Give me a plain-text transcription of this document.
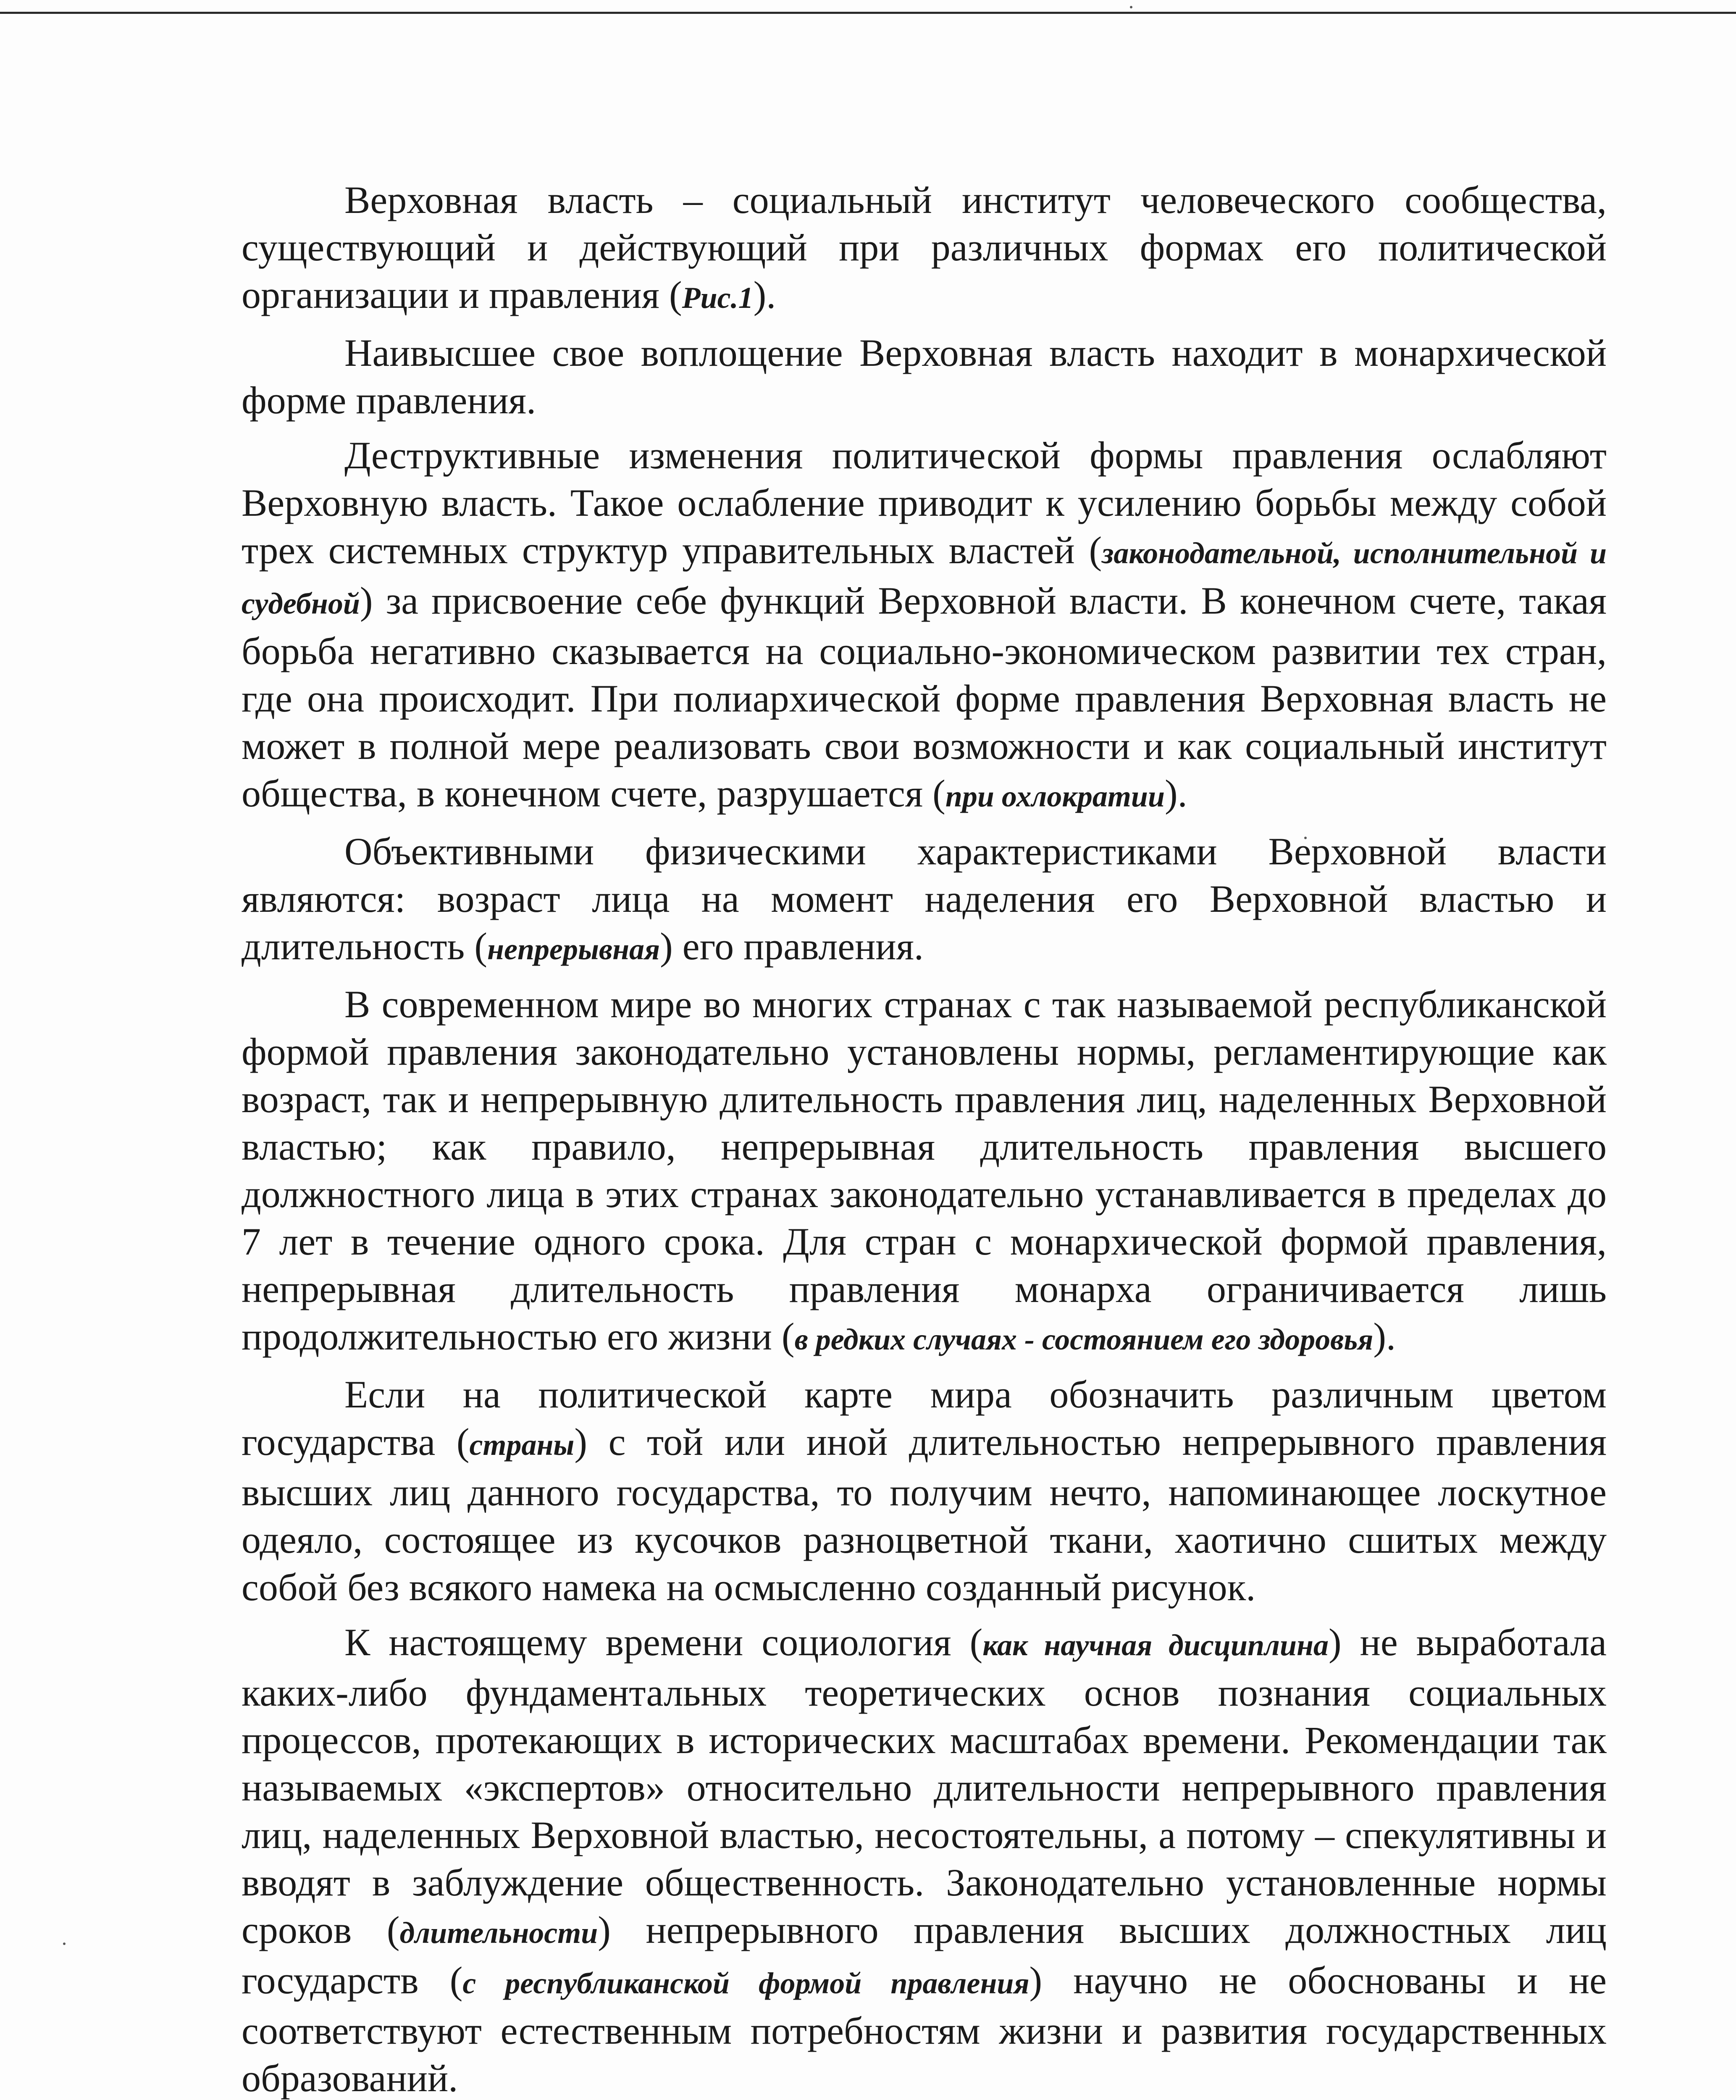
Верховная власть – социальный институт человеческого сообщества, существующий и действующий при различных формах его политической организации и правления (Рис.1).

Наивысшее свое воплощение Верховная власть находит в монархической форме правления.

Деструктивные изменения политической формы правления ослабляют Верховную власть. Такое ослабление приводит к усилению борьбы между собой трех системных структур управительных властей (законодательной, исполнительной и судебной) за присвоение себе функций Верховной власти. В конечном счете, такая борьба негативно сказывается на социально-экономическом развитии тех стран, где она происходит. При полиархической форме правления Верховная власть не может в полной мере реализовать свои возможности и как социальный институт общества, в конечном счете, разрушается (при охлократии).

Объективными физическими характеристиками Верховной власти являются: возраст лица на момент наделения его Верховной властью и длительность (непрерывная) его правления.

В современном мире во многих странах с так называемой республиканской формой правления законодательно установлены нормы, регламентирующие как возраст, так и непрерывную длительность правления лиц, наделенных Верховной властью; как правило, непрерывная длительность правления высшего должностного лица в этих странах законодательно устанавливается в пределах до 7 лет в течение одного срока. Для стран с монархической формой правления, непрерывная длительность правления монарха ограничивается лишь продолжительностью его жизни (в редких случаях - состоянием его здоровья).

Если на политической карте мира обозначить различным цветом государства (страны) с той или иной длительностью непрерывного правления высших лиц данного государства, то получим нечто, напоминающее лоскутное одеяло, состоящее из кусочков разноцветной ткани, хаотично сшитых между собой без всякого намека на осмысленно созданный рисунок.

К настоящему времени социология (как научная дисциплина) не выработала каких-либо фундаментальных теоретических основ познания социальных процессов, протекающих в исторических масштабах времени. Рекомендации так называемых «экспертов» относительно длительности непрерывного правления лиц, наделенных Верховной властью, несостоятельны, а потому – спекулятивны и вводят в заблуждение общественность. Законодательно установленные нормы сроков (длительности) непрерывного правления высших должностных лиц государств (с республиканской формой правления) научно не обоснованы и не соответствуют естественным потребностям жизни и развития государственных образований.
